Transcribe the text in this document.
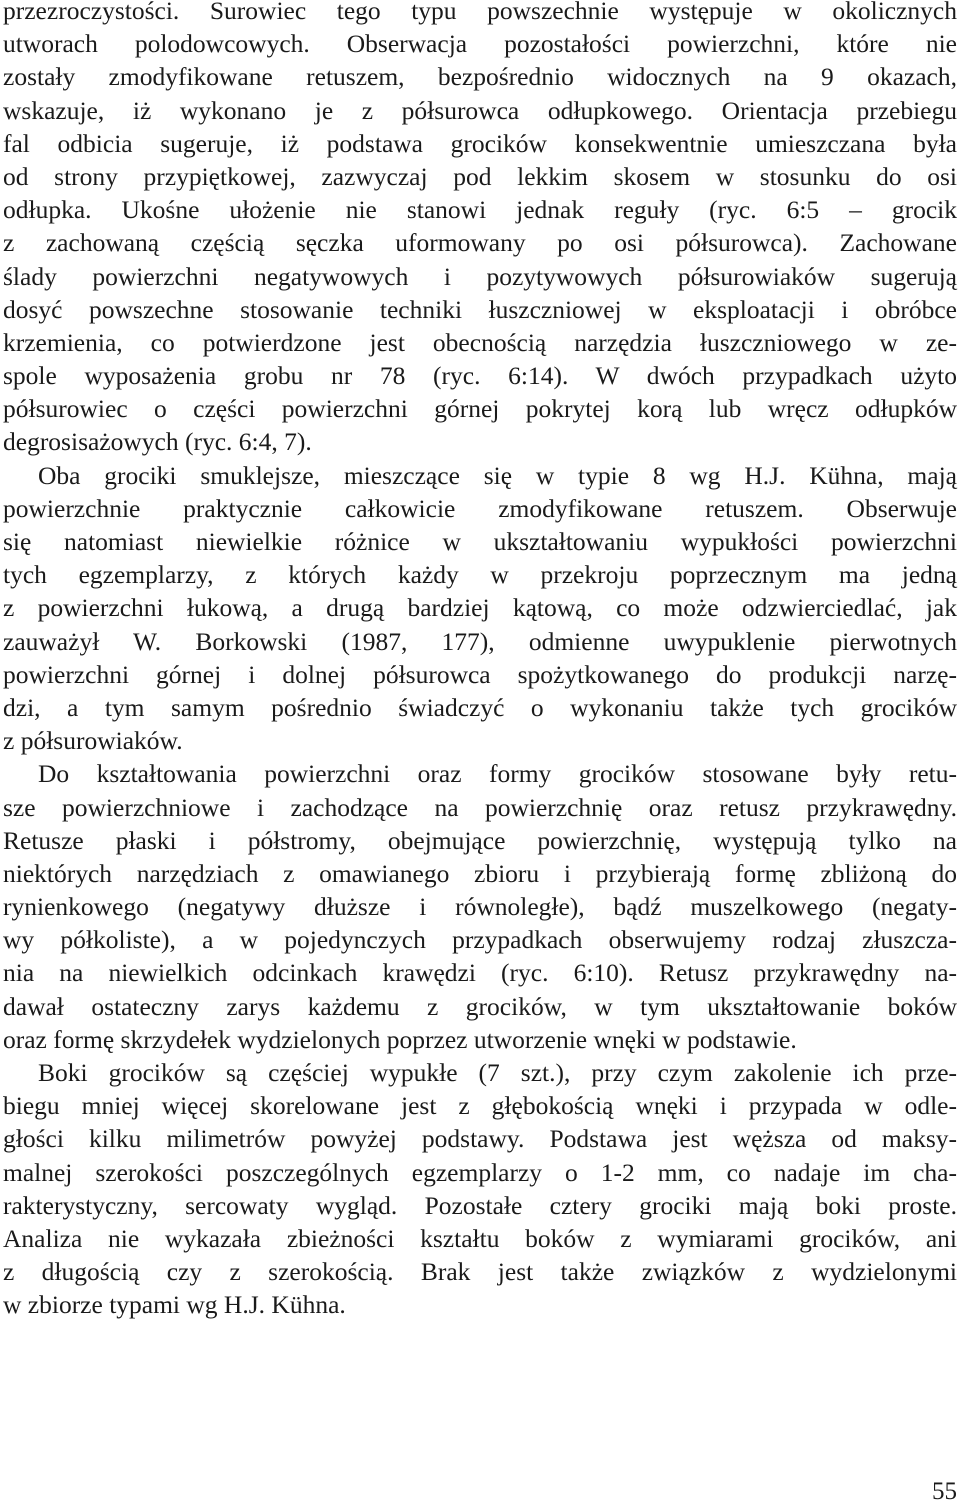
przezroczystości. Surowiec tego typu powszechnie występuje w okolicznych
utworach polodowcowych. Obserwacja pozostałości powierzchni, które nie
zostały zmodyfikowane retuszem, bezpośrednio widocznych na 9 okazach,
wskazuje, iż wykonano je z półsurowca odłupkowego. Orientacja przebiegu
fal odbicia sugeruje, iż podstawa grocików konsekwentnie umieszczana była
od strony przypiętkowej, zazwyczaj pod lekkim skosem w stosunku do osi
odłupka. Ukośne ułożenie nie stanowi jednak reguły (ryc. 6:5 – grocik
z zachowaną częścią sęczka uformowany po osi półsurowca). Zachowane
ślady powierzchni negatywowych i pozytywowych półsurowiaków sugerują
dosyć powszechne stosowanie techniki łuszczniowej w eksploatacji i obróbce
krzemienia, co potwierdzone jest obecnością narzędzia łuszczniowego w ze-
spole wyposażenia grobu nr 78 (ryc. 6:14). W dwóch przypadkach użyto
półsurowiec o części powierzchni górnej pokrytej korą lub wręcz odłupków
degrosisażowych (ryc. 6:4, 7).
Oba grociki smuklejsze, mieszczące się w typie 8 wg H.J. Kühna, mają
powierzchnie praktycznie całkowicie zmodyfikowane retuszem. Obserwuje
się natomiast niewielkie różnice w ukształtowaniu wypukłości powierzchni
tych egzemplarzy, z których każdy w przekroju poprzecznym ma jedną
z powierzchni łukową, a drugą bardziej kątową, co może odzwierciedlać, jak
zauważył W. Borkowski (1987, 177), odmienne uwypuklenie pierwotnych
powierzchni górnej i dolnej półsurowca spożytkowanego do produkcji narzę-
dzi, a tym samym pośrednio świadczyć o wykonaniu także tych grocików
z półsurowiaków.
Do kształtowania powierzchni oraz formy grocików stosowane były retu-
sze powierzchniowe i zachodzące na powierzchnię oraz retusz przykrawędny.
Retusze płaski i półstromy, obejmujące powierzchnię, występują tylko na
niektórych narzędziach z omawianego zbioru i przybierają formę zbliżoną do
rynienkowego (negatywy dłuższe i równoległe), bądź muszelkowego (negaty-
wy półkoliste), a w pojedynczych przypadkach obserwujemy rodzaj złuszcza-
nia na niewielkich odcinkach krawędzi (ryc. 6:10). Retusz przykrawędny na-
dawał ostateczny zarys każdemu z grocików, w tym ukształtowanie boków
oraz formę skrzydełek wydzielonych poprzez utworzenie wnęki w podstawie.
Boki grocików są częściej wypukłe (7 szt.), przy czym zakolenie ich prze-
biegu mniej więcej skorelowane jest z głębokością wnęki i przypada w odle-
głości kilku milimetrów powyżej podstawy. Podstawa jest węższa od maksy-
malnej szerokości poszczególnych egzemplarzy o 1-2 mm, co nadaje im cha-
rakterystyczny, sercowaty wygląd. Pozostałe cztery grociki mają boki proste.
Analiza nie wykazała zbieżności kształtu boków z wymiarami grocików, ani
z długością czy z szerokością. Brak jest także związków z wydzielonymi
w zbiorze typami wg H.J. Kühna.
55
